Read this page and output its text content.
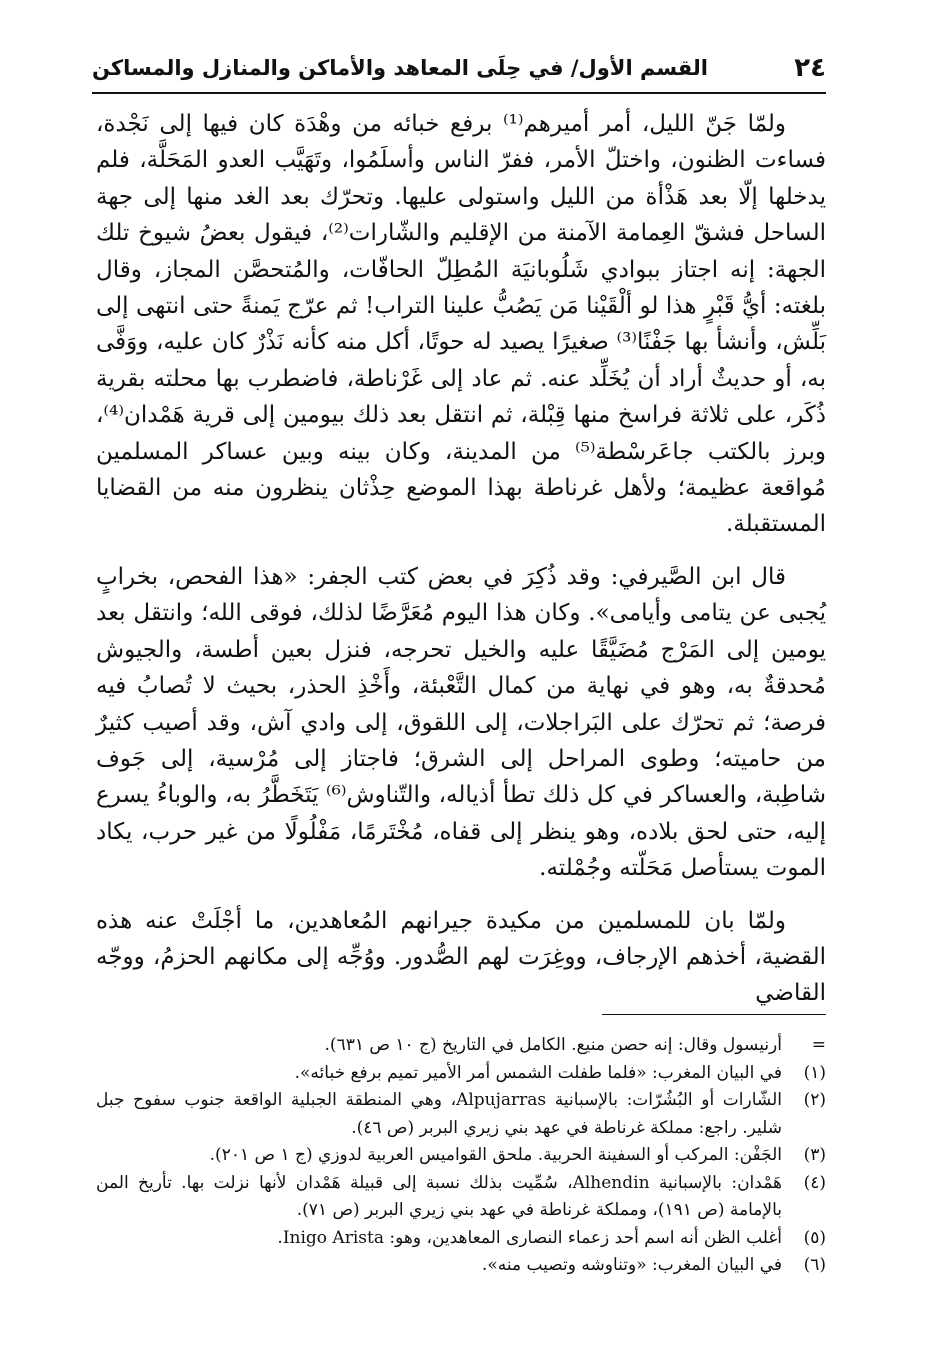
٢٤
القسم الأول/ في حِلَى المعاهد والأماكن والمنازل والمساكن

ولمّا جَنّ الليل، أمر أميرهم⁽¹⁾ برفع خبائه من وهْدَة كان فيها إلى نَجْدة، فساءت الظنون، واختلّ الأمر، ففرّ الناس وأسلَمُوا، وتَهَيَّب العدو المَحَلَّة، فلم يدخلها إلّا بعد هَذْأة من الليل واستولى عليها. وتحرّك بعد الغد منها إلى جهة الساحل فشقّ العِمامة الآمنة من الإقليم والشّارات⁽²⁾، فيقول بعضُ شيوخ تلك الجهة: إنه اجتاز ببوادي شَلُوبانيَة المُطِلّ الحافّات، والمُتحصَّن المجاز، وقال بلغته: أيُّ قَبْرٍ هذا لو ألْقَيْنا مَن يَصُبُّ علينا التراب! ثم عرّج يَمنةً حتى انتهى إلى بَلِّش، وأنشأ بها جَفْنًا⁽³⁾ صغيرًا يصيد له حوتًا، أكل منه كأنه نَذْرٌ كان عليه، ووَفَّى به، أو حديثٌ أراد أن يُخَلِّد عنه. ثم عاد إلى غَرْناطة، فاضطرب بها محلته بقرية ذُكَر، على ثلاثة فراسخ منها قِبْلة، ثم انتقل بعد ذلك بيومين إلى قرية هَمْدان⁽⁴⁾، وبرز بالكتب جاعَرسْطة⁽⁵⁾ من المدينة، وكان بينه وبين عساكر المسلمين مُواقعة عظيمة؛ ولأهل غرناطة بهذا الموضع حِذْثان ينظرون منه من القضايا المستقبلة.

قال ابن الصَّيرفي: وقد ذُكِرَ في بعض كتب الجفر: «هذا الفحص، بخرابٍ يُجبى عن يتامى وأيامى». وكان هذا اليوم مُعَرَّضًا لذلك، فوقى الله؛ وانتقل بعد يومين إلى المَرْج مُضَيَّقًا عليه والخيل تحرجه، فنزل بعين أطسة، والجيوش مُحدقةٌ به، وهو في نهاية من كمال التَّعْبئة، وأَخْذِ الحذر، بحيث لا تُصابُ فيه فرصة؛ ثم تحرّك على البَراجلات، إلى اللقوق، إلى وادي آش، وقد أصيب كثيرٌ من حاميته؛ وطوى المراحل إلى الشرق؛ فاجتاز إلى مُرْسية، إلى جَوف شاطِبة، والعساكر في كل ذلك تطأ أذياله، والتّناوش⁽⁶⁾ يَتَخَطَّرُ به، والوباءُ يسرع إليه، حتى لحق بلاده، وهو ينظر إلى قفاه، مُخْتَرمًا، مَفْلُولًا من غير حرب، يكاد الموت يستأصل مَحَلّته وجُمْلته.

ولمّا بان للمسلمين من مكيدة جيرانهم المُعاهدين، ما أجْلَتْ عنه هذه القضية، أخذهم الإرجاف، ووغِرَت لهم الصُّدور. ووُجِّه إلى مكانهم الحزمُ، ووجّه القاضي

=
أرنيسول وقال: إنه حصن منيع. الكامل في التاريخ (ج ١٠ ص ٦٣١).
(١)
في البيان المغرب: «فلما طفلت الشمس أمر الأمير تميم برفع خبائه».
(٢)
الشّارات أو البُشُرّات: بالإسبانية Alpujarras، وهي المنطقة الجبلية الواقعة جنوب سفوح جبل شلير. راجع: مملكة غرناطة في عهد بني زيري البربر (ص ٤٦).
(٣)
الجَفْن: المركب أو السفينة الحربية. ملحق القواميس العربية لدوزي (ج ١ ص ٢٠١).
(٤)
هَمْدان: بالإسبانية Alhendin، سُمِّيت بذلك نسبة إلى قبيلة هَمْدان لأنها نزلت بها. تأريخ المن بالإمامة (ص ١٩١)، ومملكة غرناطة في عهد بني زيري البربر (ص ٧١).
(٥)
أغلب الظن أنه اسم أحد زعماء النصارى المعاهدين، وهو: Inigo Arista.
(٦)
في البيان المغرب: «وتناوشه وتصيب منه».
